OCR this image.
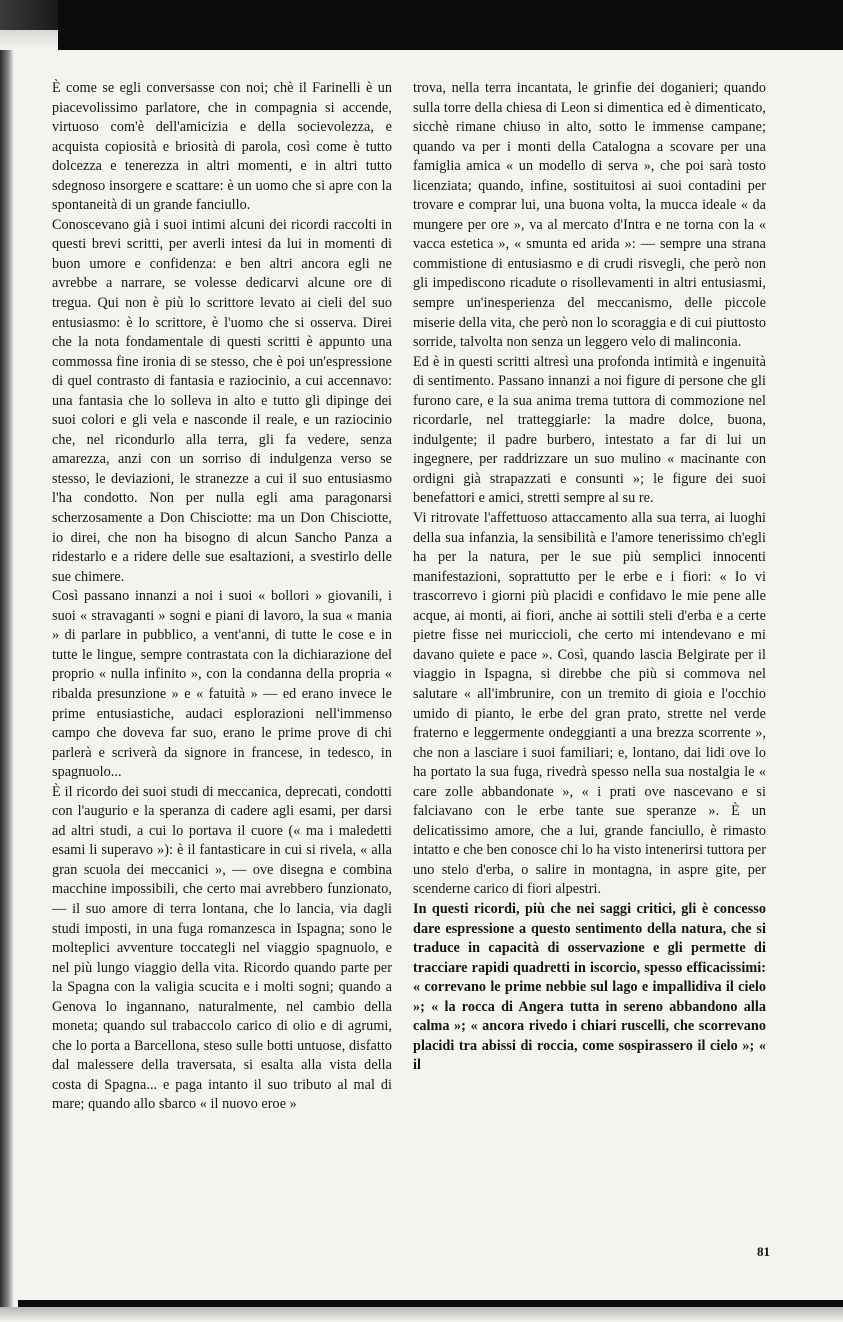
È come se egli conversasse con noi; chè il Farinelli è un piacevolissimo parlatore, che in compagnia si accende, virtuoso com'è dell'amicizia e della socievolezza, e acquista copiosità e briosità di parola, così come è tutto dolcezza e tenerezza in altri momenti, e in altri tutto sdegnoso insorgere e scattare: è un uomo che si apre con la spontaneità di un grande fanciullo.

Conoscevano già i suoi intimi alcuni dei ricordi raccolti in questi brevi scritti, per averli intesi da lui in momenti di buon umore e confidenza: e ben altri ancora egli ne avrebbe a narrare, se volesse dedicarvi alcune ore di tregua. Qui non è più lo scrittore levato ai cieli del suo entusiasmo: è lo scrittore, è l'uomo che si osserva. Direi che la nota fondamentale di questi scritti è appunto una commossa fine ironia di se stesso, che è poi un'espressione di quel contrasto di fantasia e raziocinio, a cui accennavo: una fantasia che lo solleva in alto e tutto gli dipinge dei suoi colori e gli vela e nasconde il reale, e un raziocinio che, nel ricondurlo alla terra, gli fa vedere, senza amarezza, anzi con un sorriso di indulgenza verso se stesso, le deviazioni, le stranezze a cui il suo entusiasmo l'ha condotto. Non per nulla egli ama paragonarsi scherzosamente a Don Chisciotte: ma un Don Chisciotte, io direi, che non ha bisogno di alcun Sancho Panza a ridestarlo e a ridere delle sue esaltazioni, a svestirlo delle sue chimere.

Così passano innanzi a noi i suoi « bollori » giovanili, i suoi « stravaganti » sogni e piani di lavoro, la sua « mania » di parlare in pubblico, a vent'anni, di tutte le cose e in tutte le lingue, sempre contrastata con la dichiarazione del proprio « nulla infinito », con la condanna della propria « ribalda presunzione » e « fatuità » — ed erano invece le prime entusiastiche, audaci esplorazioni nell'immenso campo che doveva far suo, erano le prime prove di chi parlerà e scriverà da signore in francese, in tedesco, in spagnuolo...

È il ricordo dei suoi studi di meccanica, deprecati, condotti con l'augurio e la speranza di cadere agli esami, per darsi ad altri studi, a cui lo portava il cuore (« ma i maledetti esami li superavo »): è il fantasticare in cui si rivela, « alla gran scuola dei meccanici », — ove disegna e combina macchine impossibili, che certo mai avrebbero funzionato, — il suo amore di terra lontana, che lo lancia, via dagli studi imposti, in una fuga romanzesca in Ispagna; sono le molteplici avventure toccategli nel viaggio spagnuolo, e nel più lungo viaggio della vita. Ricordo quando parte per la Spagna con la valigia scucita e i molti sogni; quando a Genova lo ingannano, naturalmente, nel cambio della moneta; quando sul trabaccolo carico di olio e di agrumi, che lo porta a Barcellona, steso sulle botti untuose, disfatto dal malessere della traversata, si esalta alla vista della costa di Spagna... e paga intanto il suo tributo al mal di mare; quando allo sbarco « il nuovo eroe »

trova, nella terra incantata, le grinfie dei doganieri; quando sulla torre della chiesa di Leon si dimentica ed è dimenticato, sicchè rimane chiuso in alto, sotto le immense campane; quando va per i monti della Catalogna a scovare per una famiglia amica « un modello di serva », che poi sarà tosto licenziata; quando, infine, sostituitosi ai suoi contadini per trovare e comprar lui, una buona volta, la mucca ideale « da mungere per ore », va al mercato d'Intra e ne torna con la « vacca estetica », « smunta ed arida »: — sempre una strana commistione di entusiasmo e di crudi risvegli, che però non gli impediscono ricadute o risollevamenti in altri entusiasmi, sempre un'inesperienza del meccanismo, delle piccole miserie della vita, che però non lo scoraggia e di cui piuttosto sorride, talvolta non senza un leggero velo di malinconia.

Ed è in questi scritti altresì una profonda intimità e ingenuità di sentimento. Passano innanzi a noi figure di persone che gli furono care, e la sua anima trema tuttora di commozione nel ricordarle, nel tratteggiarle: la madre dolce, buona, indulgente; il padre burbero, intestato a far di lui un ingegnere, per raddrizzare un suo mulino « macinante con ordigni già strapazzati e consunti »; le figure dei suoi benefattori e amici, stretti sempre al su re.

Vi ritrovate l'affettuoso attaccamento alla sua terra, ai luoghi della sua infanzia, la sensibilità e l'amore tenerissimo ch'egli ha per la natura, per le sue più semplici innocenti manifestazioni, soprattutto per le erbe e i fiori: « Io vi trascorrevo i giorni più placidi e confidavo le mie pene alle acque, ai monti, ai fiori, anche ai sottili steli d'erba e a certe pietre fisse nei muriccioli, che certo mi intendevano e mi davano quiete e pace ». Così, quando lascia Belgirate per il viaggio in Ispagna, si direbbe che più si commova nel salutare « all'imbrunire, con un tremito di gioia e l'occhio umido di pianto, le erbe del gran prato, strette nel verde fraterno e leggermente ondeggianti a una brezza scorrente », che non a lasciare i suoi familiari; e, lontano, dai lidi ove lo ha portato la sua fuga, rivedrà spesso nella sua nostalgia le « care zolle abbandonate », « i prati ove nascevano e si falciavano con le erbe tante sue speranze ». È un delicatissimo amore, che a lui, grande fanciullo, è rimasto intatto e che ben conosce chi lo ha visto intenerirsi tuttora per uno stelo d'erba, o salire in montagna, in aspre gite, per scenderne carico di fiori alpestri.

In questi ricordi, più che nei saggi critici, gli è concesso dare espressione a questo sentimento della natura, che si traduce in capacità di osservazione e gli permette di tracciare rapidi quadretti in iscorcio, spesso efficacissimi: « correvano le prime nebbie sul lago e impallidiva il cielo »; « la rocca di Angera tutta in sereno abbandono alla calma »; « ancora rivedo i chiari ruscelli, che scorrevano placidi tra abissi di roccia, come sospirassero il cielo »; « il

81
